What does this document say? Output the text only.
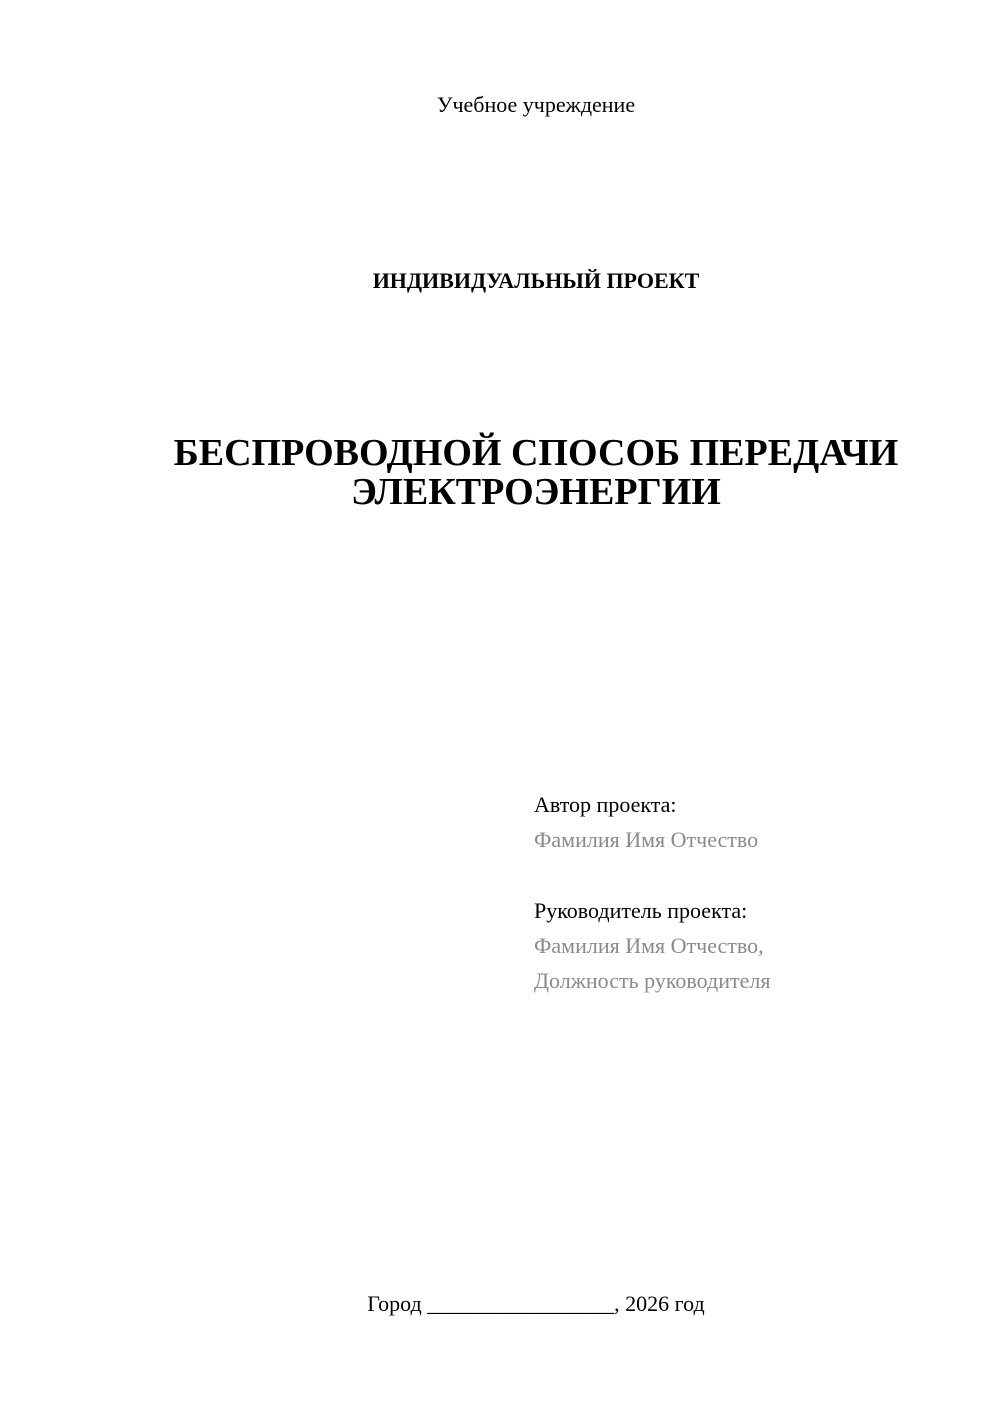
Учебное учреждение
ИНДИВИДУАЛЬНЫЙ ПРОЕКТ
БЕСПРОВОДНОЙ СПОСОБ ПЕРЕДАЧИ
ЭЛЕКТРОЭНЕРГИИ
Автор проекта:
Фамилия Имя Отчество
Руководитель проекта:
Фамилия Имя Отчество,
Должность руководителя
Город _________________, 2026 год
